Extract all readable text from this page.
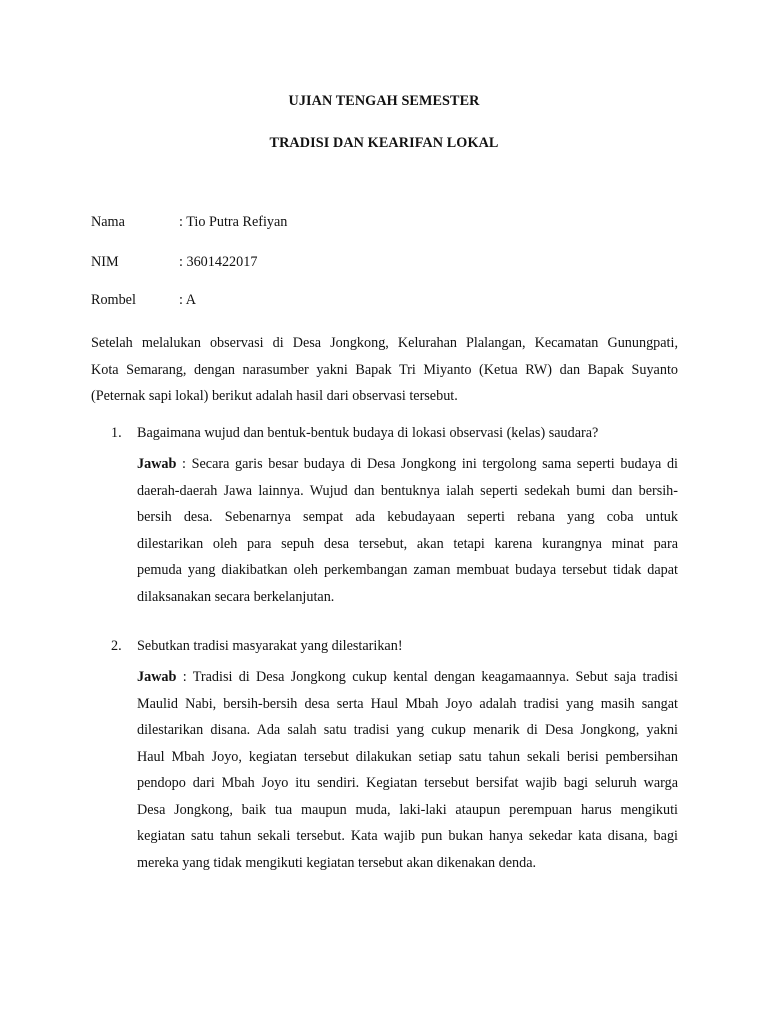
UJIAN TENGAH SEMESTER
TRADISI DAN KEARIFAN LOKAL
Nama	: Tio Putra Refiyan
NIM	: 3601422017
Rombel	: A
Setelah melalukan observasi di Desa Jongkong, Kelurahan Plalangan, Kecamatan Gunungpati,
Kota Semarang, dengan narasumber yakni Bapak Tri Miyanto (Ketua RW) dan Bapak Suyanto
(Peternak sapi lokal) berikut adalah hasil dari observasi tersebut.
1.	Bagaimana wujud dan bentuk-bentuk budaya di lokasi observasi (kelas) saudara?
Jawab : Secara garis besar budaya di Desa Jongkong ini tergolong sama seperti budaya di
daerah-daerah Jawa lainnya. Wujud dan bentuknya ialah seperti sedekah bumi dan bersih-
bersih desa. Sebenarnya sempat ada kebudayaan seperti rebana yang coba untuk
dilestarikan oleh para sepuh desa tersebut, akan tetapi karena kurangnya minat para
pemuda yang diakibatkan oleh perkembangan zaman membuat budaya tersebut tidak dapat
dilaksanakan secara berkelanjutan.
2.	Sebutkan tradisi masyarakat yang dilestarikan!
Jawab : Tradisi di Desa Jongkong cukup kental dengan keagamaannya. Sebut saja tradisi
Maulid Nabi, bersih-bersih desa serta Haul Mbah Joyo adalah tradisi yang masih sangat
dilestarikan disana. Ada salah satu tradisi yang cukup menarik di Desa Jongkong, yakni
Haul Mbah Joyo, kegiatan tersebut dilakukan setiap satu tahun sekali berisi pembersihan
pendopo dari Mbah Joyo itu sendiri. Kegiatan tersebut bersifat wajib bagi seluruh warga
Desa Jongkong, baik tua maupun muda, laki-laki ataupun perempuan harus mengikuti
kegiatan satu tahun sekali tersebut. Kata wajib pun bukan hanya sekedar kata disana, bagi
mereka yang tidak mengikuti kegiatan tersebut akan dikenakan denda.
